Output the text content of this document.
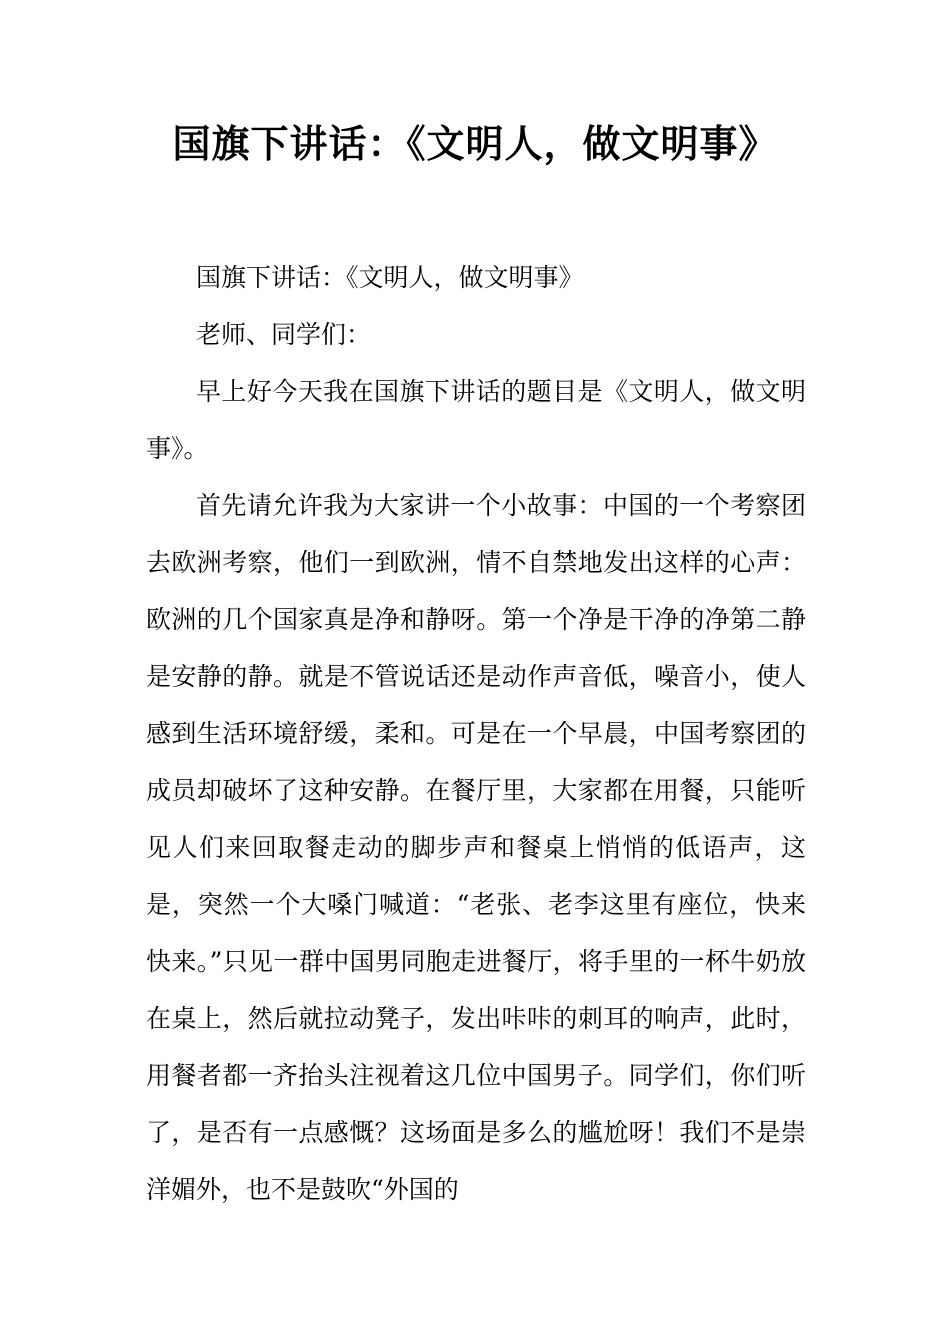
国旗下讲话：《文明人，做文明事》

国旗下讲话：《文明人，做文明事》

老师、同学们：

早上好今天我在国旗下讲话的题目是《文明人，做文明事》。

首先请允许我为大家讲一个小故事：中国的一个考察团去欧洲考察，他们一到欧洲，情不自禁地发出这样的心声：欧洲的几个国家真是净和静呀。第一个净是干净的净第二静是安静的静。就是不管说话还是动作声音低，噪音小，使人感到生活环境舒缓，柔和。可是在一个早晨，中国考察团的成员却破坏了这种安静。在餐厅里，大家都在用餐，只能听见人们来回取餐走动的脚步声和餐桌上悄悄的低语声，这是，突然一个大嗓门喊道：“老张、老李这里有座位，快来快来。”只见一群中国男同胞走进餐厅，将手里的一杯牛奶放在桌上，然后就拉动凳子，发出咔咔的刺耳的响声，此时，用餐者都一齐抬头注视着这几位中国男子。同学们，你们听了，是否有一点感慨？这场面是多么的尴尬呀！我们不是崇洋媚外，也不是鼓吹“外国的
